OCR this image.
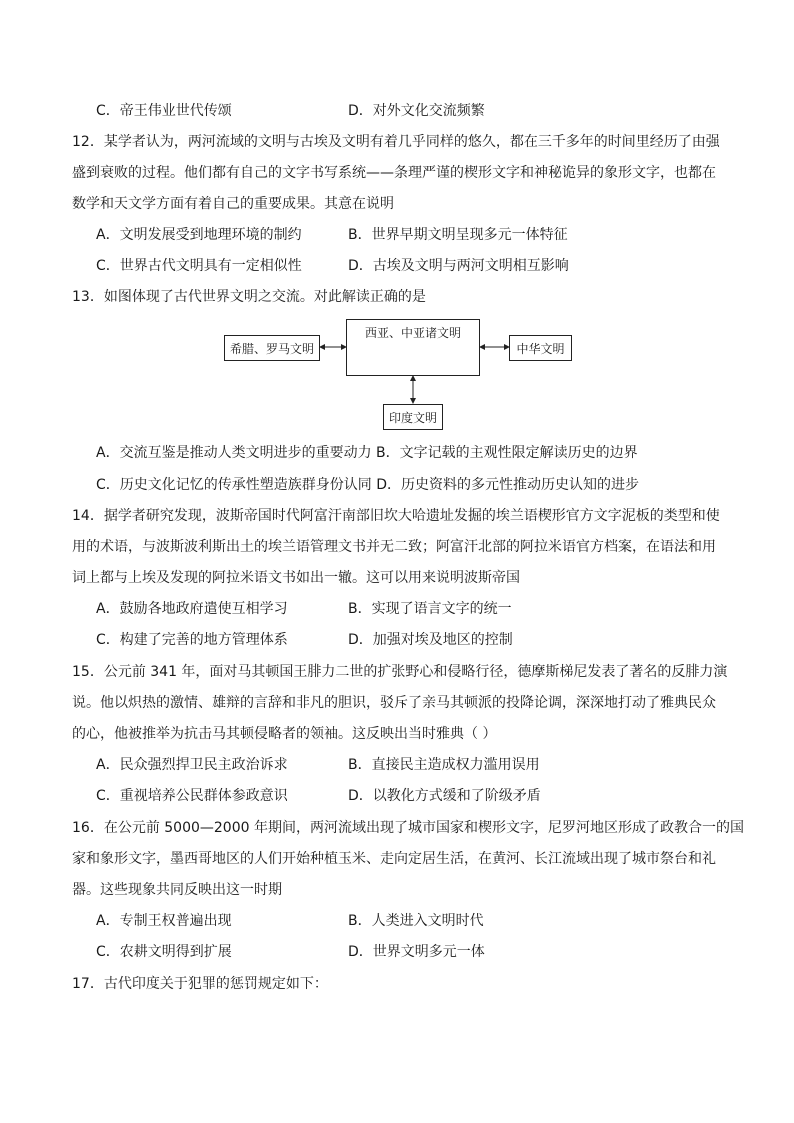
C．帝王伟业世代传颂	D．对外文化交流频繁
12．某学者认为，两河流域的文明与古埃及文明有着几乎同样的悠久，都在三千多年的时间里经历了由强
盛到衰败的过程。他们都有自己的文字书写系统——条理严谨的楔形文字和神秘诡异的象形文字，也都在
数学和天文学方面有着自己的重要成果。其意在说明
A．文明发展受到地理环境的制约	B．世界早期文明呈现多元一体特征
C．世界古代文明具有一定相似性	D．古埃及文明与两河文明相互影响
13．如图体现了古代世界文明之交流。对此解读正确的是
希腊、罗马文明
西亚、中亚诸文明
中华文明
印度文明
A．交流互鉴是推动人类文明进步的重要动力 B．文字记载的主观性限定解读历史的边界
C．历史文化记忆的传承性塑造族群身份认同 D．历史资料的多元性推动历史认知的进步
14．据学者研究发现，波斯帝国时代阿富汗南部旧坎大哈遗址发掘的埃兰语楔形官方文字泥板的类型和使
用的术语，与波斯波利斯出土的埃兰语管理文书并无二致；阿富汗北部的阿拉米语官方档案，在语法和用
词上都与上埃及发现的阿拉米语文书如出一辙。这可以用来说明波斯帝国
A．鼓励各地政府遣使互相学习	B．实现了语言文字的统一
C．构建了完善的地方管理体系	D．加强对埃及地区的控制
15．公元前 341 年，面对马其顿国王腓力二世的扩张野心和侵略行径，德摩斯梯尼发表了著名的反腓力演
说。他以炽热的激情、雄辩的言辞和非凡的胆识，驳斥了亲马其顿派的投降论调，深深地打动了雅典民众
的心，他被推举为抗击马其顿侵略者的领袖。这反映出当时雅典（ ）
A．民众强烈捍卫民主政治诉求	B．直接民主造成权力滥用误用
C．重视培养公民群体参政意识	D．以教化方式缓和了阶级矛盾
16．在公元前 5000—2000 年期间，两河流域出现了城市国家和楔形文字，尼罗河地区形成了政教合一的国
家和象形文字，墨西哥地区的人们开始种植玉米、走向定居生活，在黄河、长江流域出现了城市祭台和礼
器。这些现象共同反映出这一时期
A．专制王权普遍出现	B．人类进入文明时代
C．农耕文明得到扩展	D．世界文明多元一体
17．古代印度关于犯罪的惩罚规定如下：
